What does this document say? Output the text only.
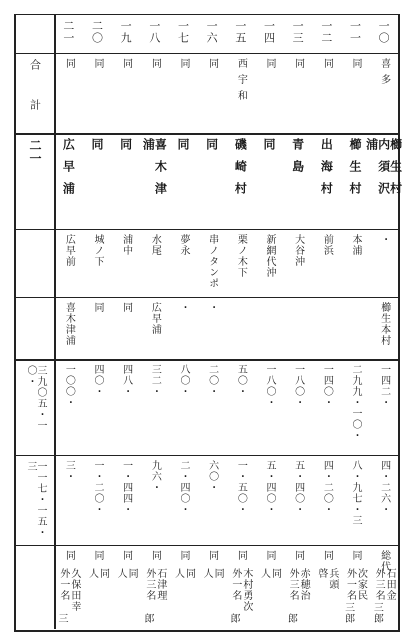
合
計
二一
三九〇五・一〇・
一一七・一五・三
一〇
喜多
櫛生村内須沢浦
・
櫛生本村
一四二・
四・二六・
石田金
外三名
総代
三郎
一一
同
櫛生村
本浦
二九九・一〇・
八・九七・三
次家民
外一名
同
三郎
一二
同
出海村
前浜
一四〇・
四・二〇・
兵頭
啓
同
一三
同
青島
大谷沖
一八〇・
五・四〇・
赤穂治
外三名
同
郎
一四
同
同
新網代沖
一八〇・
五・四〇・
同
人
同
一五
西宇和
磯崎村
栗ノ木下
五〇・
一・五〇・
木村勇次
外一名
同
郎
一六
同
同
串ノタンポ
・
二〇・
六〇・
同
人
同
一七
同
同
夢永
・
八〇・
二・四〇・
同
人
同
一八
同
喜木津浦
水尾
広早浦
三二・
九六・
石津理
外三名
同
郎
一九
同
同
浦中
同
四八・
一・四四・
同
人
同
二〇
同
同
城ノ下
同
四〇・
一・二〇・
同
人
同
二一
同
広早浦
広早前
喜木津浦
一〇〇・
三・
久保田幸
外一名
同
三
